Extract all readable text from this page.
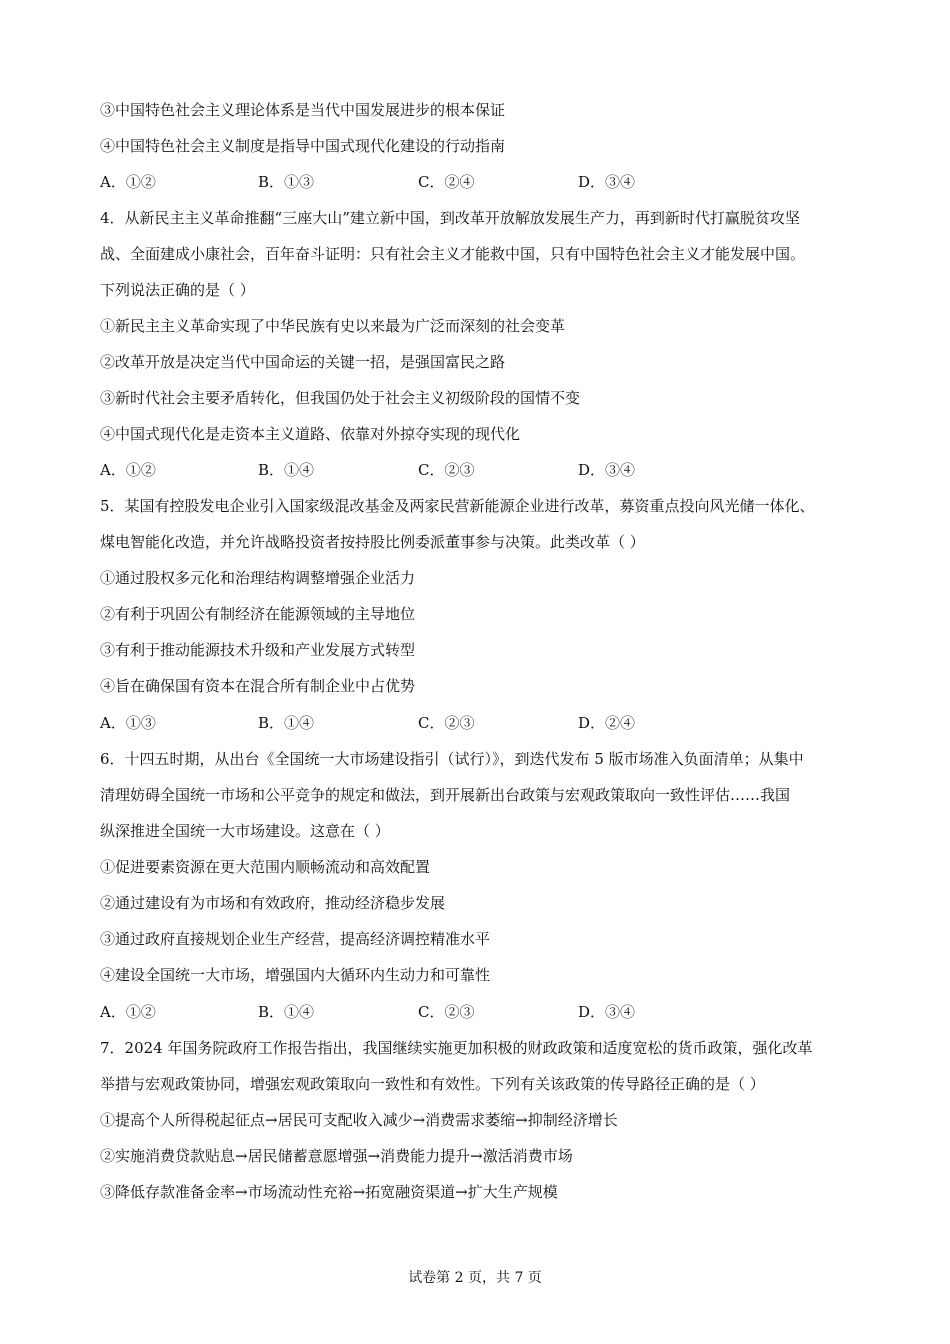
③中国特色社会主义理论体系是当代中国发展进步的根本保证
④中国特色社会主义制度是指导中国式现代化建设的行动指南
A．①②	B．①③	C．②④	D．③④
4．从新民主主义革命推翻“三座大山”建立新中国，到改革开放解放发展生产力，再到新时代打赢脱贫攻坚
战、全面建成小康社会，百年奋斗证明：只有社会主义才能救中国，只有中国特色社会主义才能发展中国。
下列说法正确的是（ ）
①新民主主义革命实现了中华民族有史以来最为广泛而深刻的社会变革
②改革开放是决定当代中国命运的关键一招，是强国富民之路
③新时代社会主要矛盾转化，但我国仍处于社会主义初级阶段的国情不变
④中国式现代化是走资本主义道路、依靠对外掠夺实现的现代化
A．①②	B．①④	C．②③	D．③④
5．某国有控股发电企业引入国家级混改基金及两家民营新能源企业进行改革，募资重点投向风光储一体化、
煤电智能化改造，并允许战略投资者按持股比例委派董事参与决策。此类改革（ ）
①通过股权多元化和治理结构调整增强企业活力
②有利于巩固公有制经济在能源领域的主导地位
③有利于推动能源技术升级和产业发展方式转型
④旨在确保国有资本在混合所有制企业中占优势
A．①③	B．①④	C．②③	D．②④
6．十四五时期，从出台《全国统一大市场建设指引（试行）》，到迭代发布 5 版市场准入负面清单；从集中
清理妨碍全国统一市场和公平竞争的规定和做法，到开展新出台政策与宏观政策取向一致性评估……我国
纵深推进全国统一大市场建设。这意在（ ）
①促进要素资源在更大范围内顺畅流动和高效配置
②通过建设有为市场和有效政府，推动经济稳步发展
③通过政府直接规划企业生产经营，提高经济调控精准水平
④建设全国统一大市场，增强国内大循环内生动力和可靠性
A．①②	B．①④	C．②③	D．③④
7．2024 年国务院政府工作报告指出，我国继续实施更加积极的财政政策和适度宽松的货币政策，强化改革
举措与宏观政策协同，增强宏观政策取向一致性和有效性。下列有关该政策的传导路径正确的是（ ）
①提高个人所得税起征点→居民可支配收入减少→消费需求萎缩→抑制经济增长
②实施消费贷款贴息→居民储蓄意愿增强→消费能力提升→激活消费市场
③降低存款准备金率→市场流动性充裕→拓宽融资渠道→扩大生产规模
试卷第 2 页，共 7 页
